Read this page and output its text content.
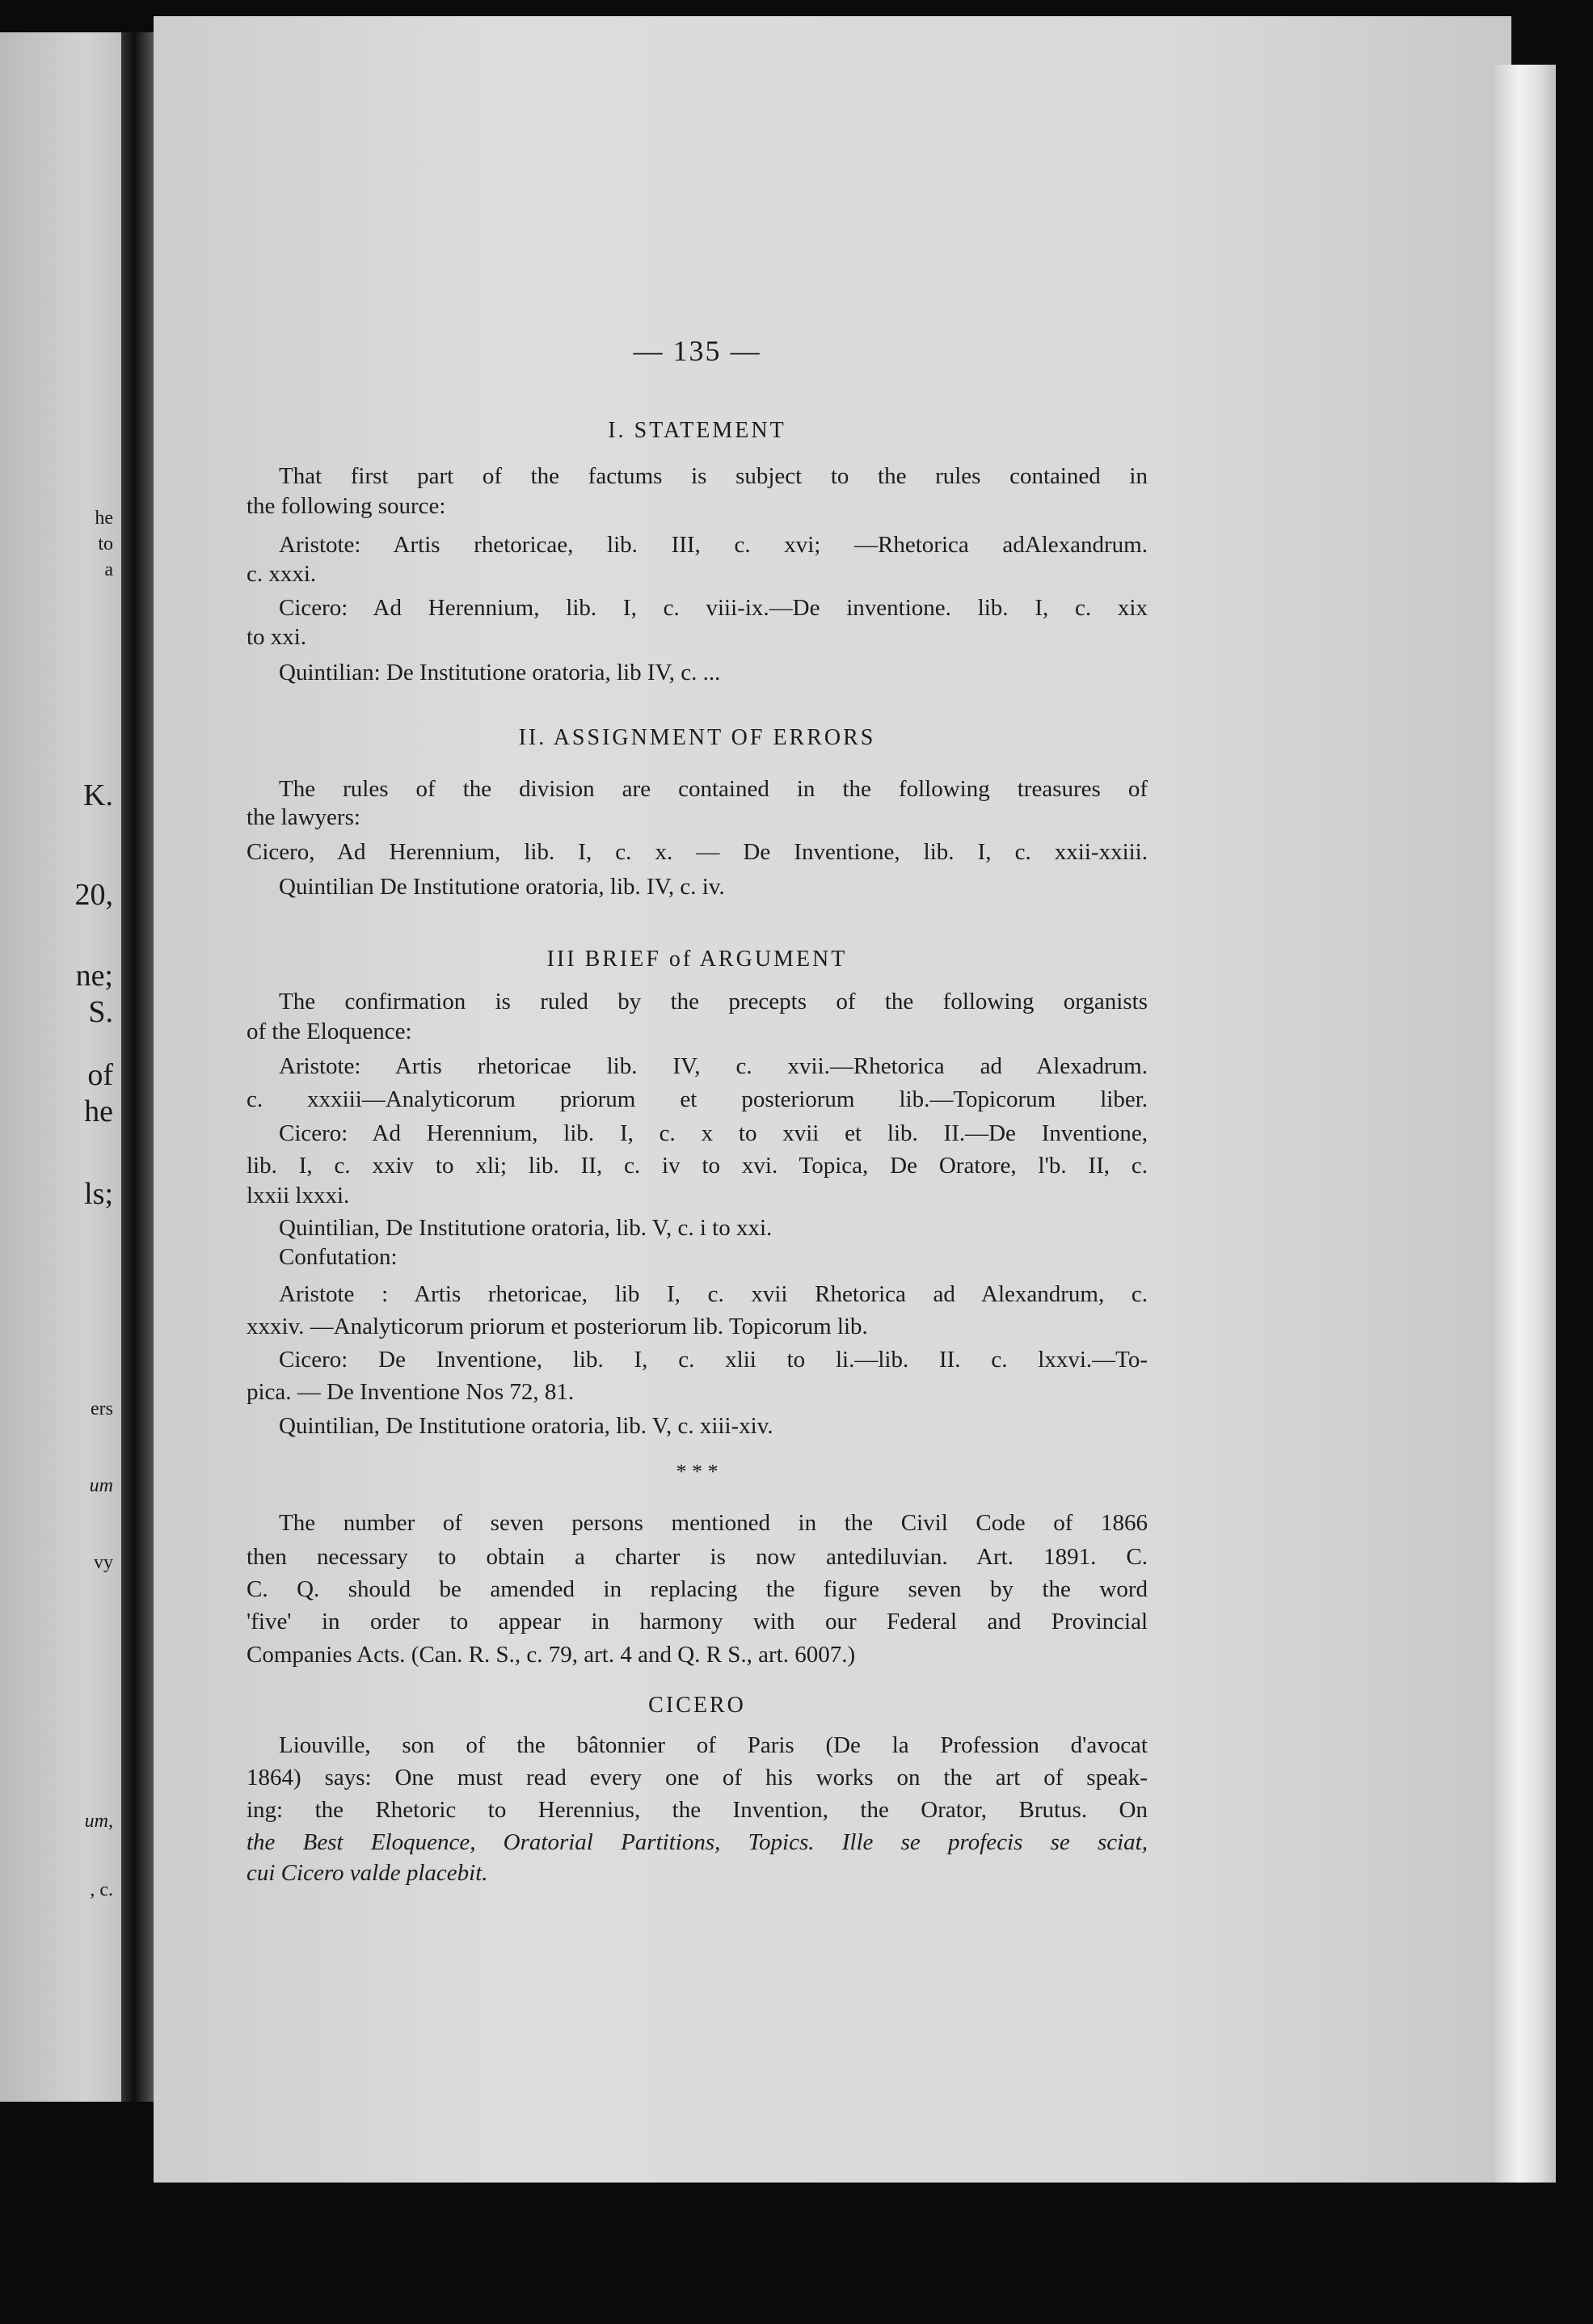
he
to
a
K.
20,
ne;
S.
of
he
ls;
ers
um
vy
um,
, c.
— 135 —
I. STATEMENT
That first part of the factums is subject to the rules contained in
the following source:
Aristote: Artis rhetoricae, lib. III, c. xvi; —Rhetorica adAlexandrum.
c. xxxi.
Cicero: Ad Herennium, lib. I, c. viii-ix.—De inventione. lib. I, c. xix
to xxi.
Quintilian: De Institutione oratoria, lib IV, c. ...
II. ASSIGNMENT OF ERRORS
The rules of the division are contained in the following treasures of
the lawyers:
Cicero, Ad Herennium, lib. I, c. x. — De Inventione, lib. I, c. xxii-xxiii.
Quintilian De Institutione oratoria, lib. IV, c. iv.
III BRIEF of ARGUMENT
The confirmation is ruled by the precepts of the following organists
of the Eloquence:
Aristote: Artis rhetoricae lib. IV, c. xvii.—Rhetorica ad Alexadrum.
c. xxxiii—Analyticorum priorum et posteriorum lib.—Topicorum liber.
Cicero: Ad Herennium, lib. I, c. x to xvii et lib. II.—De Inventione,
lib. I, c. xxiv to xli; lib. II, c. iv to xvi. Topica, De Oratore, l'b. II, c.
lxxii lxxxi.
Quintilian, De Institutione oratoria, lib. V, c. i to xxi.
Confutation:
Aristote : Artis rhetoricae, lib I, c. xvii Rhetorica ad Alexandrum, c.
xxxiv. —Analyticorum priorum et posteriorum lib. Topicorum lib.
Cicero: De Inventione, lib. I, c. xlii to li.—lib. II. c. lxxvi.—To-
pica. — De Inventione Nos 72, 81.
Quintilian, De Institutione oratoria, lib. V, c. xiii-xiv.
* * *
The number of seven persons mentioned in the Civil Code of 1866
then necessary to obtain a charter is now antediluvian. Art. 1891. C.
C. Q. should be amended in replacing the figure seven by the word
'five' in order to appear in harmony with our Federal and Provincial
Companies Acts. (Can. R. S., c. 79, art. 4 and Q. R S., art. 6007.)
CICERO
Liouville, son of the bâtonnier of Paris (De la Profession d'avocat
1864) says: One must read every one of his works on the art of speak-
ing: the Rhetoric to Herennius, the Invention, the Orator, Brutus. On
the Best Eloquence, Oratorial Partitions, Topics. Ille se profecis se sciat,
cui Cicero valde placebit.
